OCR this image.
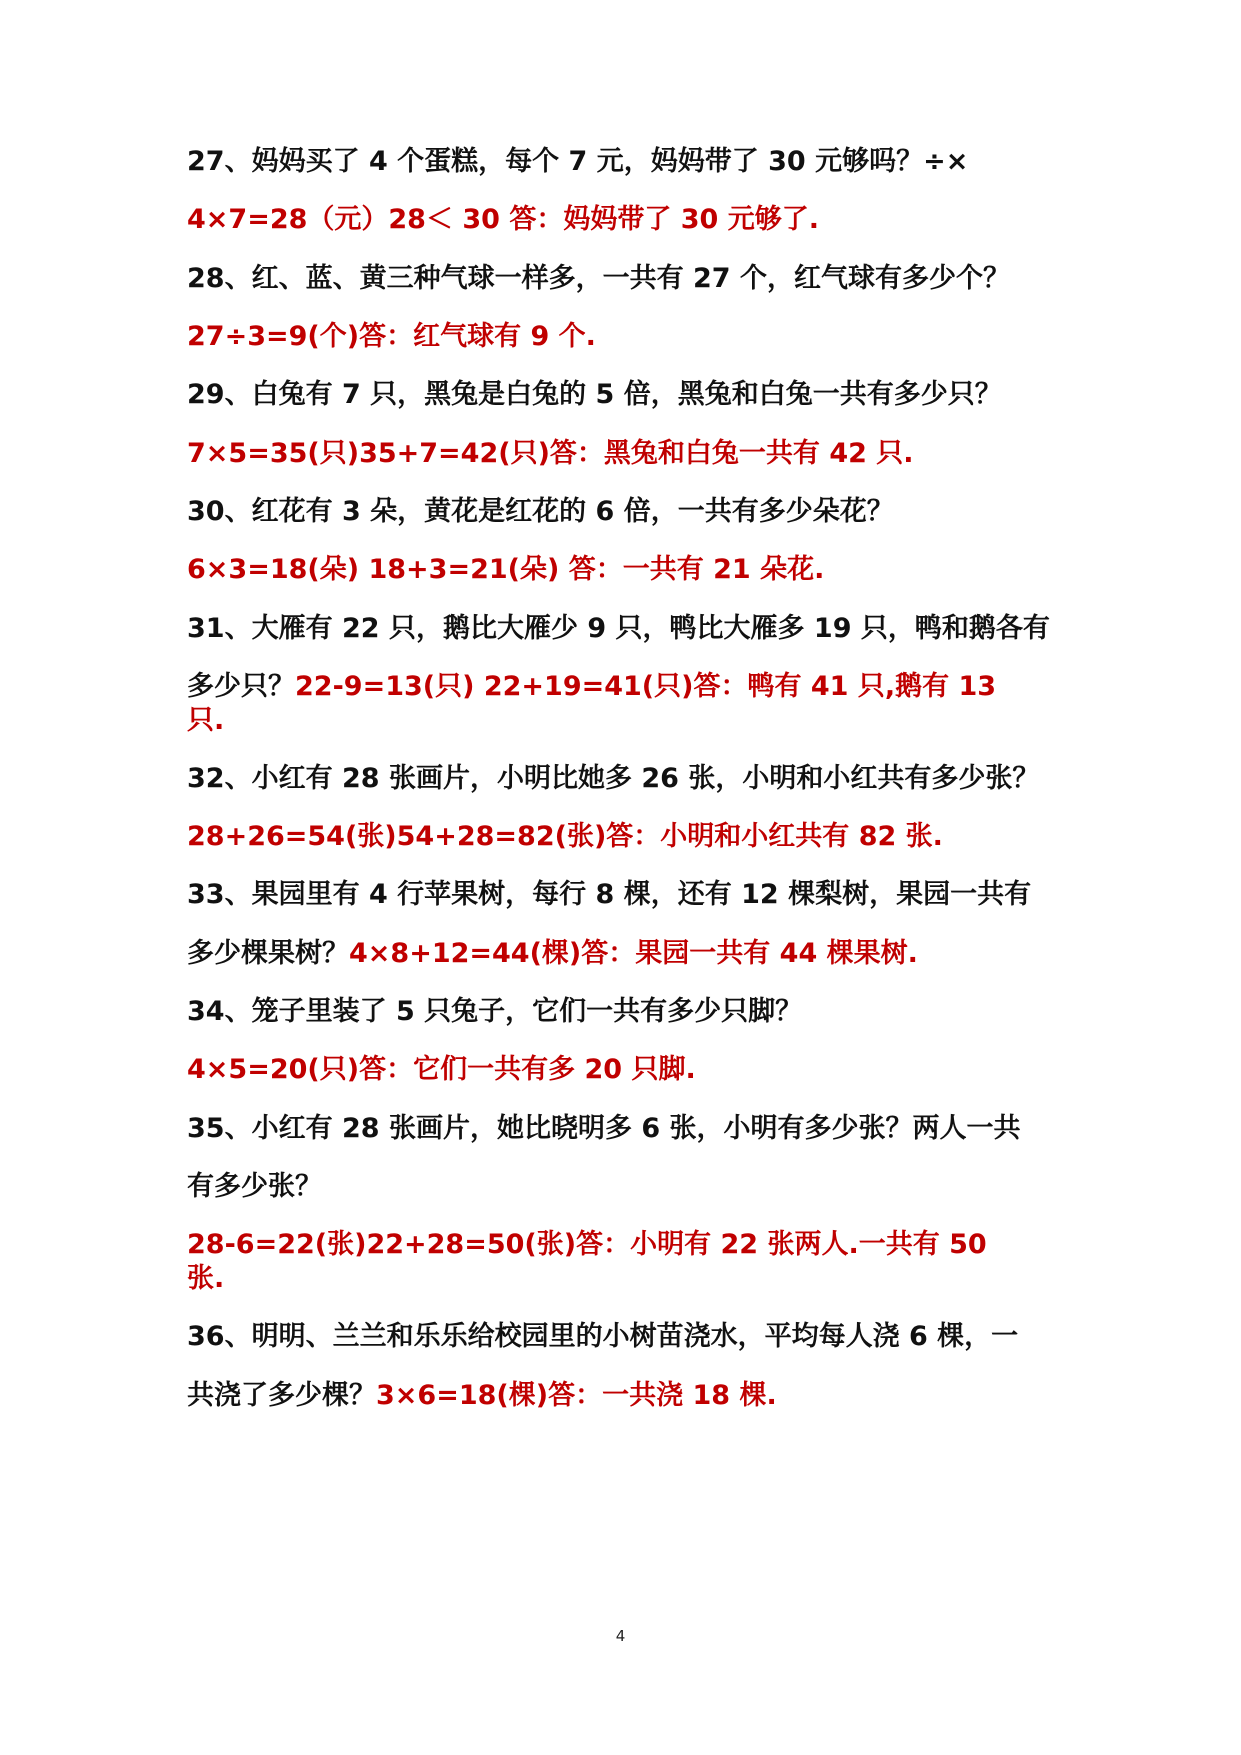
27、妈妈买了 4 个蛋糕，每个 7 元，妈妈带了 30 元够吗？÷×
4×7=28（元）28＜ 30 答：妈妈带了 30 元够了.
28、红、蓝、黄三种气球一样多，一共有 27 个，红气球有多少个？
27÷3=9(个)答：红气球有 9 个.
29、白兔有 7 只，黑兔是白兔的 5 倍，黑兔和白兔一共有多少只？
7×5=35(只)35+7=42(只)答：黑兔和白兔一共有 42 只.
30、红花有 3 朵，黄花是红花的 6 倍，一共有多少朵花？
6×3=18(朵) 18+3=21(朵) 答：一共有 21 朵花.
31、大雁有 22 只，鹅比大雁少 9 只，鸭比大雁多 19 只，鸭和鹅各有
多少只？22-9=13(只) 22+19=41(只)答：鸭有 41 只,鹅有 13
只.
32、小红有 28 张画片，小明比她多 26 张，小明和小红共有多少张？
28+26=54(张)54+28=82(张)答：小明和小红共有 82 张.
33、果园里有 4 行苹果树，每行 8 棵，还有 12 棵梨树，果园一共有
多少棵果树？4×8+12=44(棵)答：果园一共有 44 棵果树.
34、笼子里装了 5 只兔子，它们一共有多少只脚？
4×5=20(只)答：它们一共有多 20 只脚.
35、小红有 28 张画片，她比晓明多 6 张，小明有多少张？两人一共
有多少张？
28-6=22(张)22+28=50(张)答：小明有 22 张两人.一共有 50
张.
36、明明、兰兰和乐乐给校园里的小树苗浇水，平均每人浇 6 棵，一
共浇了多少棵？3×6=18(棵)答：一共浇 18 棵.
4
